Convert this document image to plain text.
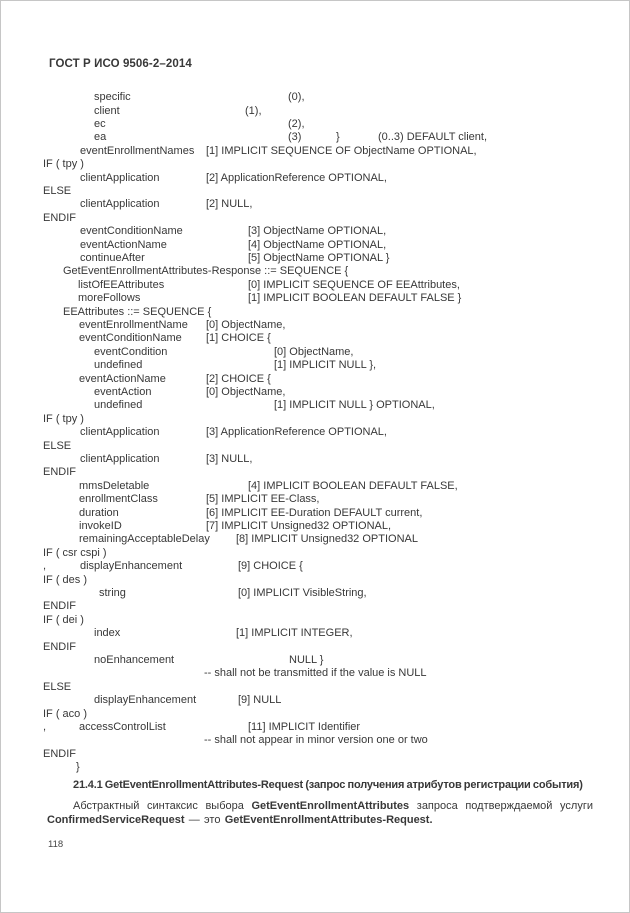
ГОСТ Р ИСО 9506-2–2014
specific	(0),
client	(1),
ec	(2),
ea	(3)	}	(0..3) DEFAULT client,
eventEnrollmentNames [1] IMPLICIT SEQUENCE OF ObjectName OPTIONAL,
IF ( tpy )
clientApplication	[2] ApplicationReference OPTIONAL,
ELSE
clientApplication	[2] NULL,
ENDIF
eventConditionName	[3] ObjectName OPTIONAL,
eventActionName	[4] ObjectName OPTIONAL,
continueAfter	[5] ObjectName OPTIONAL }
GetEventEnrollmentAttributes-Response ::= SEQUENCE {
listOfEEAttributes	[0] IMPLICIT SEQUENCE OF EEAttributes,
moreFollows	[1] IMPLICIT BOOLEAN DEFAULT FALSE }
EEAttributes ::= SEQUENCE {
eventEnrollmentName [0] ObjectName,
eventConditionName [1] CHOICE {
eventCondition	[0] ObjectName,
undefined	[1] IMPLICIT NULL },
eventActionName	[2] CHOICE {
eventAction	[0] ObjectName,
undefined	[1] IMPLICIT NULL } OPTIONAL,
IF ( tpy )
clientApplication	[3] ApplicationReference OPTIONAL,
ELSE
clientApplication	[3] NULL,
ENDIF
mmsDeletable	[4] IMPLICIT BOOLEAN DEFAULT FALSE,
enrollmentClass	[5] IMPLICIT EE-Class,
duration	[6] IMPLICIT EE-Duration DEFAULT current,
invokeID	[7] IMPLICIT Unsigned32 OPTIONAL,
remainingAcceptableDelay [8] IMPLICIT Unsigned32 OPTIONAL
IF ( csr cspi )
,	displayEnhancement	[9] CHOICE {
IF ( des )
string	[0] IMPLICIT VisibleString,
ENDIF
IF ( dei )
index	[1] IMPLICIT INTEGER,
ENDIF
noEnhancement	NULL }
-- shall not be transmitted if the value is NULL
ELSE
displayEnhancement	[9] NULL
IF ( aco )
,	accessControlList	[11] IMPLICIT Identifier
-- shall not appear in minor version one or two
ENDIF
}
21.4.1 GetEventEnrollmentAttributes-Request (запрос получения атрибутов регистрации события)
Абстрактный синтаксис выбора GetEventEnrollmentAttributes запроса подтверждаемой услуги
ConfirmedServiceRequest — это GetEventEnrollmentAttributes-Request.
118
